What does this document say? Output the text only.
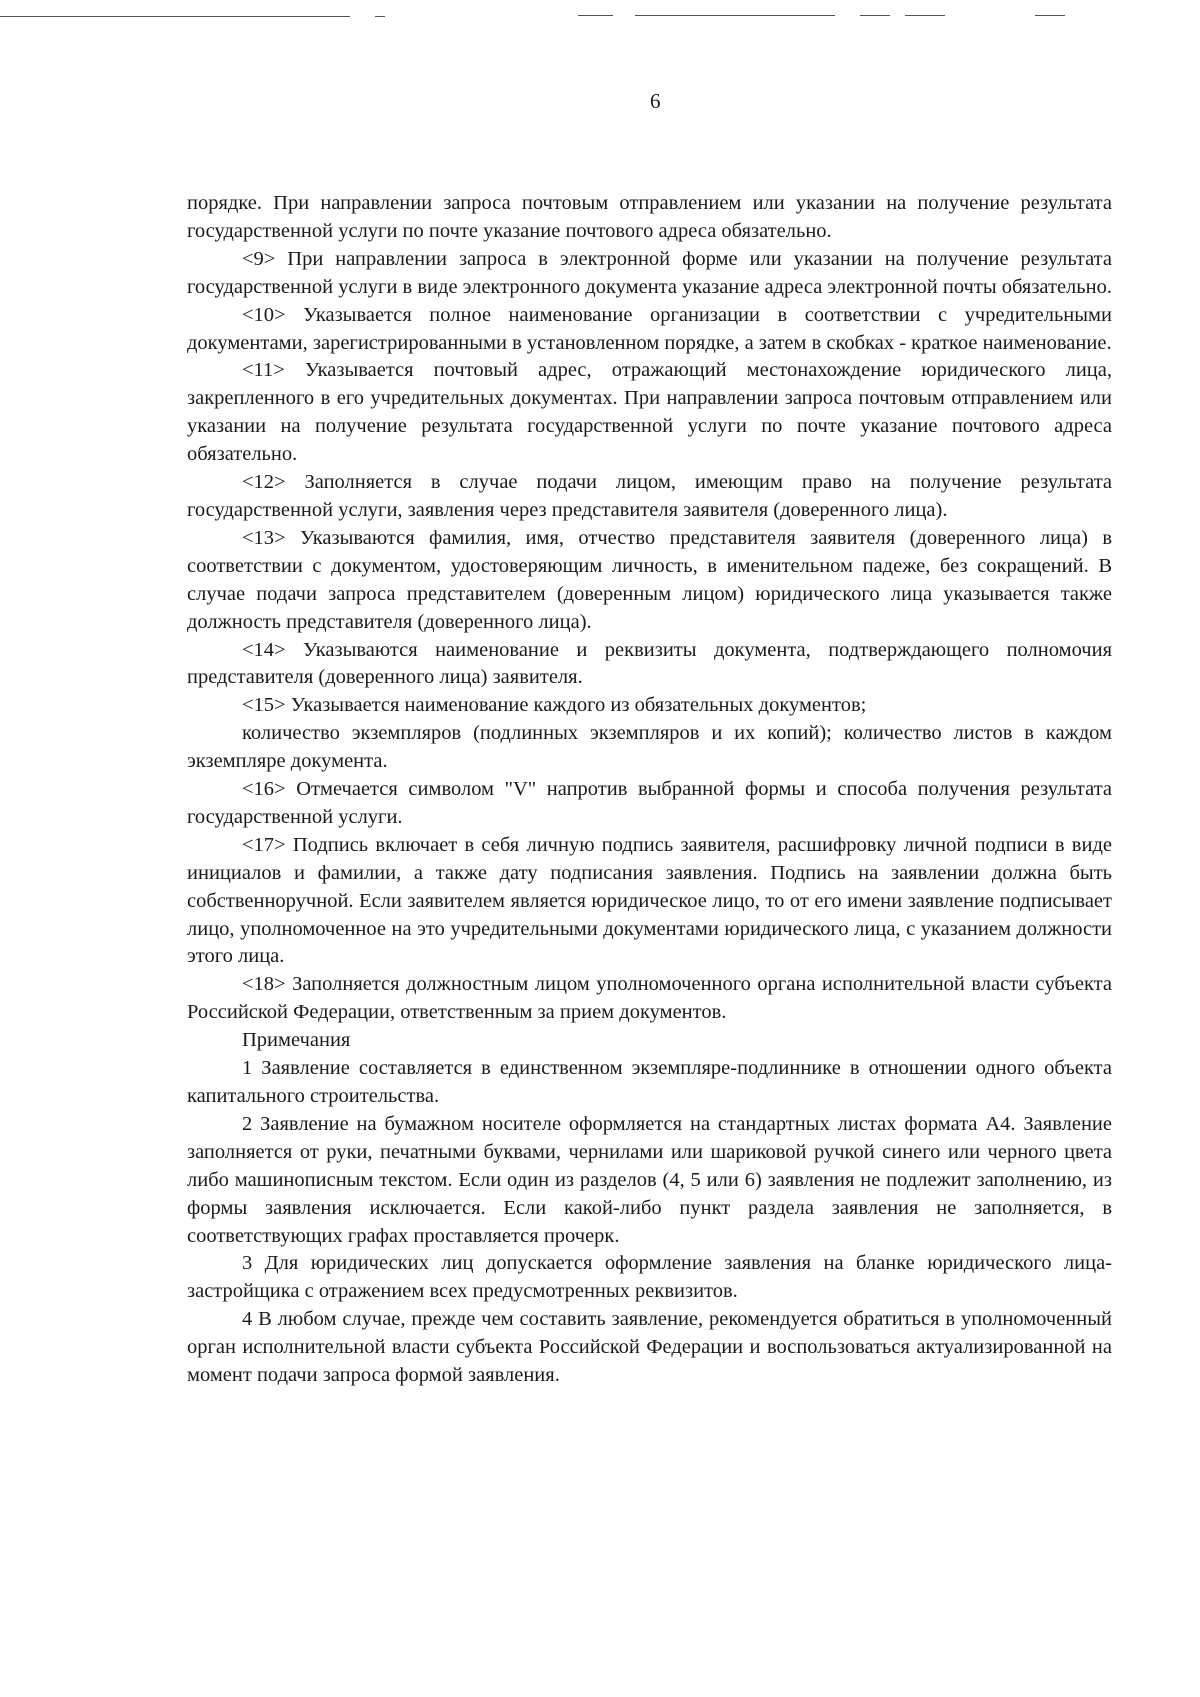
6

порядке. При направлении запроса почтовым отправлением или указании на получение результата государственной услуги по почте указание почтового адреса обязательно.

<9> При направлении запроса в электронной форме или указании на получение результата государственной услуги в виде электронного документа указание адреса электронной почты обязательно.

<10> Указывается полное наименование организации в соответствии с учредительными документами, зарегистрированными в установленном порядке, а затем в скобках - краткое наименование.

<11> Указывается почтовый адрес, отражающий местонахождение юридического лица, закрепленного в его учредительных документах. При направлении запроса почтовым отправлением или указании на получение результата государственной услуги по почте указание почтового адреса обязательно.

<12> Заполняется в случае подачи лицом, имеющим право на получение результата государственной услуги, заявления через представителя заявителя (доверенного лица).

<13> Указываются фамилия, имя, отчество представителя заявителя (доверенного лица) в соответствии с документом, удостоверяющим личность, в именительном падеже, без сокращений. В случае подачи запроса представителем (доверенным лицом) юридического лица указывается также должность представителя (доверенного лица).

<14> Указываются наименование и реквизиты документа, подтверждающего полномочия представителя (доверенного лица) заявителя.

<15> Указывается наименование каждого из обязательных документов;

количество экземпляров (подлинных экземпляров и их копий); количество листов в каждом экземпляре документа.

<16> Отмечается символом "V" напротив выбранной формы и способа получения результата государственной услуги.

<17> Подпись включает в себя личную подпись заявителя, расшифровку личной подписи в виде инициалов и фамилии, а также дату подписания заявления. Подпись на заявлении должна быть собственноручной. Если заявителем является юридическое лицо, то от его имени заявление подписывает лицо, уполномоченное на это учредительными документами юридического лица, с указанием должности этого лица.

<18> Заполняется должностным лицом уполномоченного органа исполнительной власти субъекта Российской Федерации, ответственным за прием документов.

Примечания

1 Заявление составляется в единственном экземпляре-подлиннике в отношении одного объекта капитального строительства.

2 Заявление на бумажном носителе оформляется на стандартных листах формата А4. Заявление заполняется от руки, печатными буквами, чернилами или шариковой ручкой синего или черного цвета либо машинописным текстом. Если один из разделов (4, 5 или 6) заявления не подлежит заполнению, из формы заявления исключается. Если какой-либо пункт раздела заявления не заполняется, в соответствующих графах проставляется прочерк.

3 Для юридических лиц допускается оформление заявления на бланке юридического лица-застройщика с отражением всех предусмотренных реквизитов.

4 В любом случае, прежде чем составить заявление, рекомендуется обратиться в уполномоченный орган исполнительной власти субъекта Российской Федерации и воспользоваться актуализированной на момент подачи запроса формой заявления.
